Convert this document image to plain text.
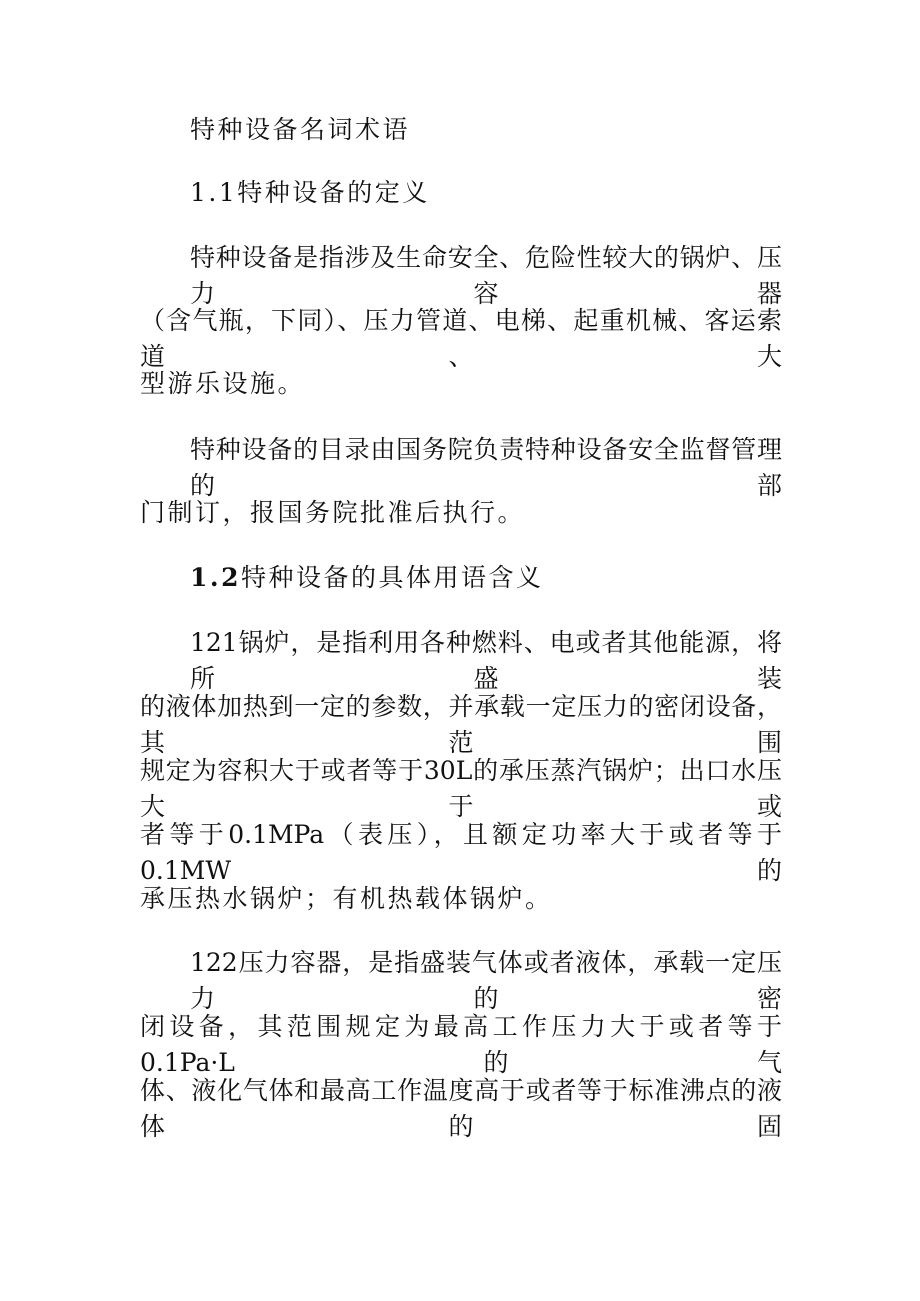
特种设备名词术语
1.1特种设备的定义
特种设备是指涉及生命安全、危险性较大的锅炉、压力容器
（含气瓶，下同）、压力管道、电梯、起重机械、客运索道、大
型游乐设施。
特种设备的目录由国务院负责特种设备安全监督管理的部
门制订，报国务院批准后执行。
1.2特种设备的具体用语含义
121锅炉，是指利用各种燃料、电或者其他能源，将所盛装
的液体加热到一定的参数，并承载一定压力的密闭设备，其范围
规定为容积大于或者等于30L的承压蒸汽锅炉；出口水压大于或
者等于0.1MPa（表压），且额定功率大于或者等于0.1MW的
承压热水锅炉；有机热载体锅炉。
122压力容器，是指盛装气体或者液体，承载一定压力的密
闭设备，其范围规定为最高工作压力大于或者等于0.1Pa·L的气
体、液化气体和最高工作温度高于或者等于标准沸点的液体的固
